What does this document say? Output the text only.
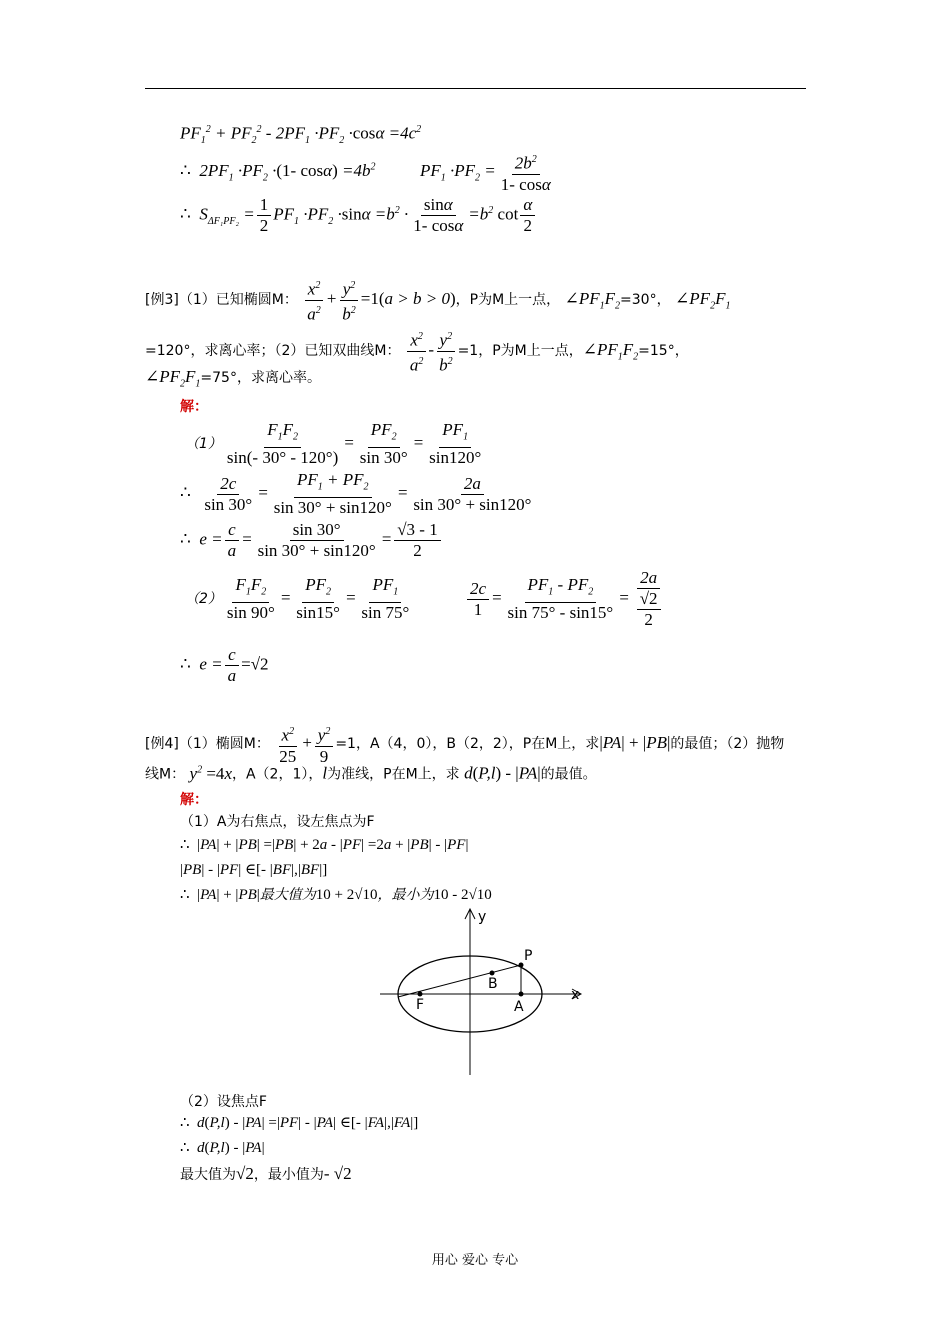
$PF_1^2 + PF_2^2 - 2PF_1 \cdot PF_2 \cdot\cos\alpha =4c^2$
∴  $2PF_1 \cdot PF_2 \cdot(1-$ $\cos\alpha) =4b^2$  $PF_1 \cdot PF_2 = \frac{2b^2}{1- \cos\alpha}$
∴  $S_{\Delta F_1PF_2} = \frac{1}{2} PF_1 \cdot PF_2 \cdot\sin\alpha =b^2 \cdot \frac{\sin\alpha}{1- \cos\alpha} =b^2$ $\cot \frac{\alpha}{2}$
[例3]（1）已知椭圆M： $\frac{x^2}{a^2} + \frac{y^2}{b^2} =1(a > b > 0)$，P为M上一点， $\angle PF_1F_2=30^\circ$， $\angle PF_2F_1$
=120°，求离心率；（2）已知双曲线M： $\frac{x^2}{a^2} - \frac{y^2}{b^2} =1$，P为M上一点，$\angle PF_1F_2=15^\circ$，
$\angle PF_2F_1=75^\circ$，求离心率。
解：
$(1) \frac{F_1F_2}{\sin(- 30^\circ - 120^\circ)} = \frac{PF_2}{\sin 30^\circ} = \frac{PF_1}{\sin 120^\circ}$
∴ $\frac{2c}{\sin 30^\circ} = \frac{PF_1 + PF_2}{\sin 30^\circ + \sin 120^\circ} = \frac{2a}{\sin 30^\circ + \sin 120^\circ}$
∴  $e = \frac{c}{a} = \frac{\sin 30^\circ}{\sin 30^\circ + \sin 120^\circ} = \frac{√3 - 1}{2}$
$(2) \frac{F_1F_2}{\sin 90^\circ} = \frac{PF_2}{\sin 15^\circ} = \frac{PF_1}{\sin 75^\circ}$	$\frac{2c}{1} = \frac{PF_1 - PF_2}{\sin 75^\circ - \sin 15^\circ} = \frac{2a}{\frac{√2}{2}}$
∴  $e = \frac{c}{a} =√2$
[例4]（1）椭圆M： $\frac{x^2}{25} + \frac{y^2}{9} =1$，A（4，0），B（2，2），P在M上，求|PA| + |PB|的最值；（2）抛物
线M： $y^2 =4x$，A（2，1），l为准线，P在M上，求 d(P,l) - |PA|的最值。
解：
（1）A为右焦点，设左焦点为F
∴ |PA| + |PB| =|PB| + 2a - |PF| =2a + |PB| - |PF|
|PB| - |PF| ∈[- |BF|,|BF|]
∴ |PA| + |PB|最大值为10 + 2√10，最小为10 - 2√10
y
x
P
B
F	A
（2）设焦点F
∴  d(P,l) - |PA| =|PF| - |PA| ∈[- |FA|,|FA|]
∴  d(P,l) - |PA|
最大值为√2，最小值为- √2
用心 爱心 专心
